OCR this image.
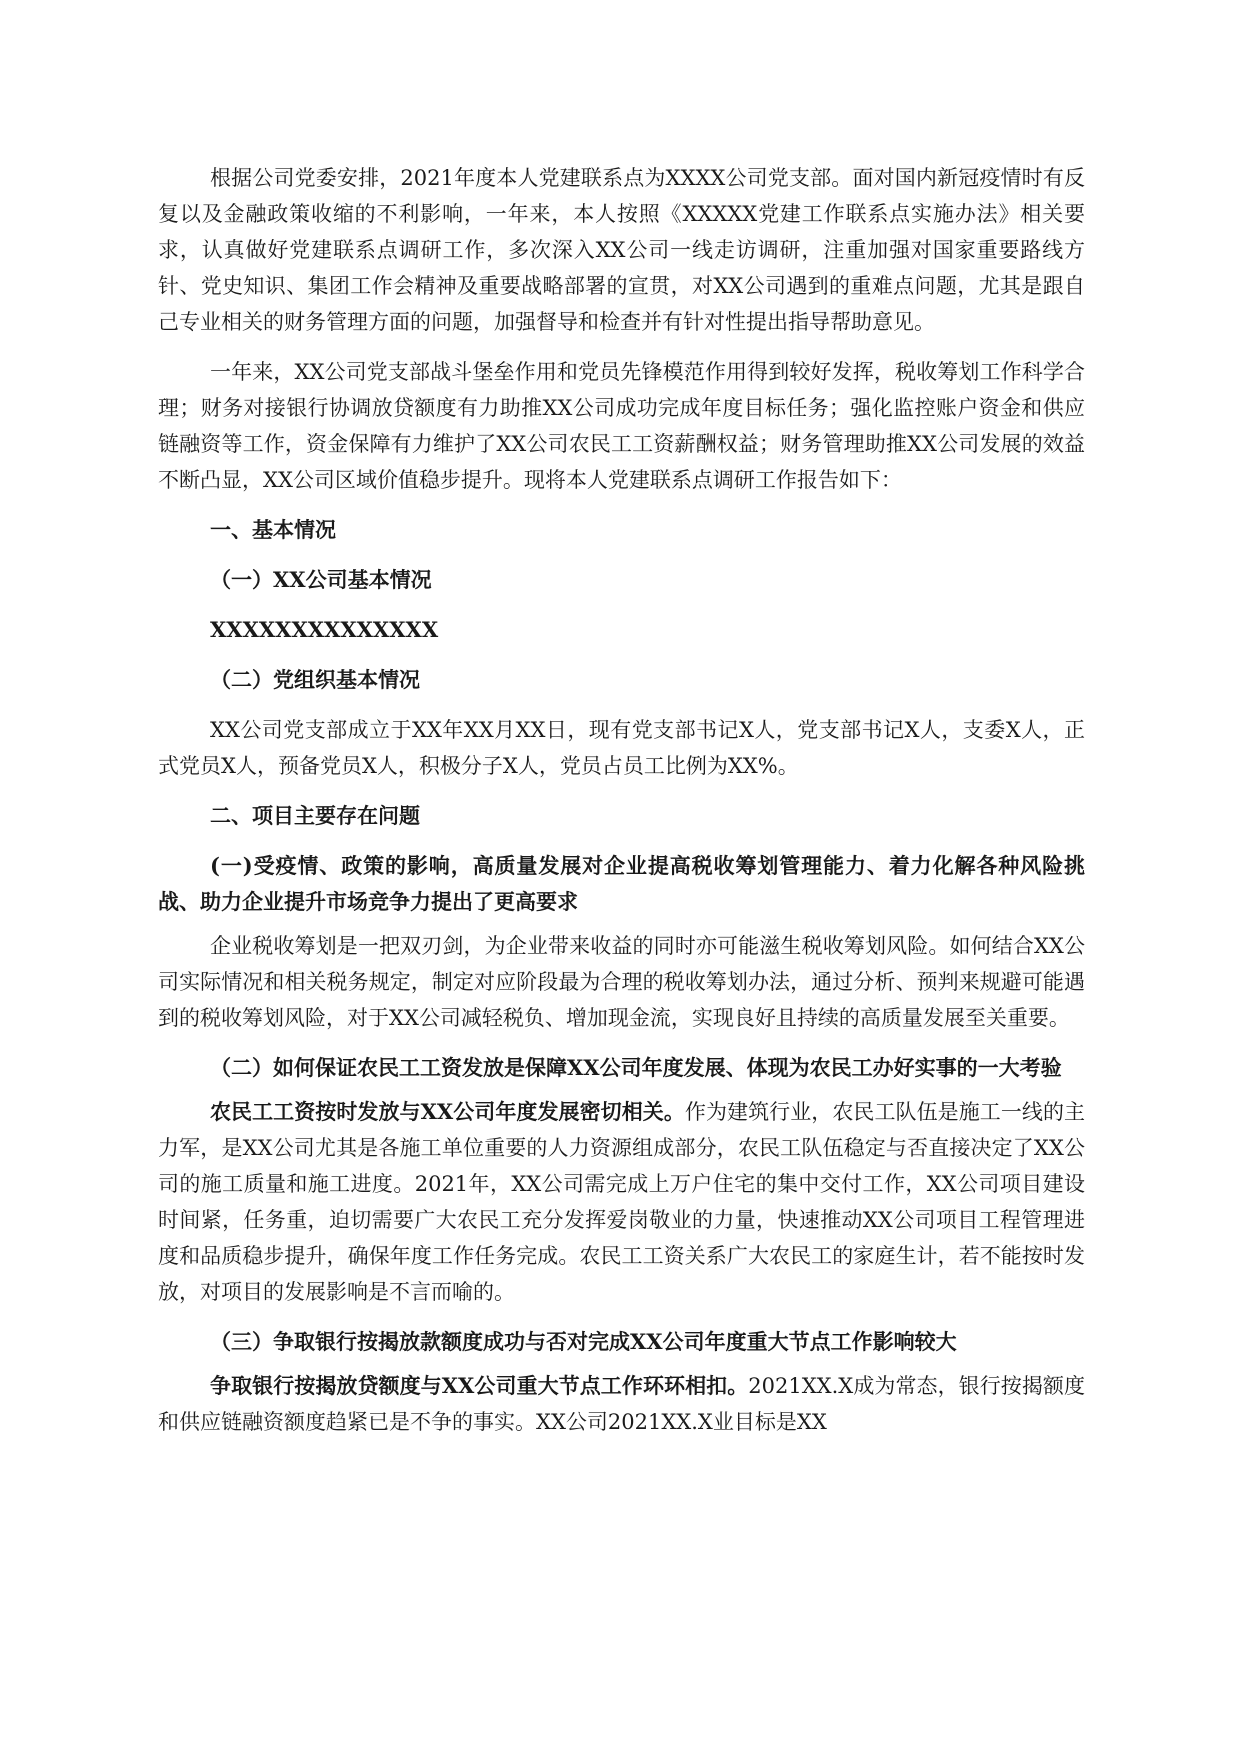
根据公司党委安排，2021年度本人党建联系点为XXXX公司党支部。面对国内新冠疫情时有反复以及金融政策收缩的不利影响，一年来，本人按照《XXXXX党建工作联系点实施办法》相关要求，认真做好党建联系点调研工作，多次深入XX公司一线走访调研，注重加强对国家重要路线方针、党史知识、集团工作会精神及重要战略部署的宣贯，对XX公司遇到的重难点问题，尤其是跟自己专业相关的财务管理方面的问题，加强督导和检查并有针对性提出指导帮助意见。

一年来，XX公司党支部战斗堡垒作用和党员先锋模范作用得到较好发挥，税收筹划工作科学合理；财务对接银行协调放贷额度有力助推XX公司成功完成年度目标任务；强化监控账户资金和供应链融资等工作，资金保障有力维护了XX公司农民工工资薪酬权益；财务管理助推XX公司发展的效益不断凸显，XX公司区域价值稳步提升。现将本人党建联系点调研工作报告如下：

一、基本情况
（一）XX公司基本情况
XXXXXXXXXXXXXX
（二）党组织基本情况

XX公司党支部成立于XX年XX月XX日，现有党支部书记X人，党支部书记X人，支委X人，正式党员X人，预备党员X人，积极分子X人，党员占员工比例为XX%。

二、项目主要存在问题
(一)受疫情、政策的影响，高质量发展对企业提高税收筹划管理能力、着力化解各种风险挑战、助力企业提升市场竞争力提出了更高要求

企业税收筹划是一把双刃剑，为企业带来收益的同时亦可能滋生税收筹划风险。如何结合XX公司实际情况和相关税务规定，制定对应阶段最为合理的税收筹划办法，通过分析、预判来规避可能遇到的税收筹划风险，对于XX公司减轻税负、增加现金流，实现良好且持续的高质量发展至关重要。

（二）如何保证农民工工资发放是保障XX公司年度发展、体现为农民工办好实事的一大考验

农民工工资按时发放与XX公司年度发展密切相关。作为建筑行业，农民工队伍是施工一线的主力军，是XX公司尤其是各施工单位重要的人力资源组成部分，农民工队伍稳定与否直接决定了XX公司的施工质量和施工进度。2021年，XX公司需完成上万户住宅的集中交付工作，XX公司项目建设时间紧，任务重，迫切需要广大农民工充分发挥爱岗敬业的力量，快速推动XX公司项目工程管理进度和品质稳步提升，确保年度工作任务完成。农民工工资关系广大农民工的家庭生计，若不能按时发放，对项目的发展影响是不言而喻的。

（三）争取银行按揭放款额度成功与否对完成XX公司年度重大节点工作影响较大

争取银行按揭放贷额度与XX公司重大节点工作环环相扣。2021XX.X成为常态，银行按揭额度和供应链融资额度趋紧已是不争的事实。XX公司2021XX.X业目标是XX
